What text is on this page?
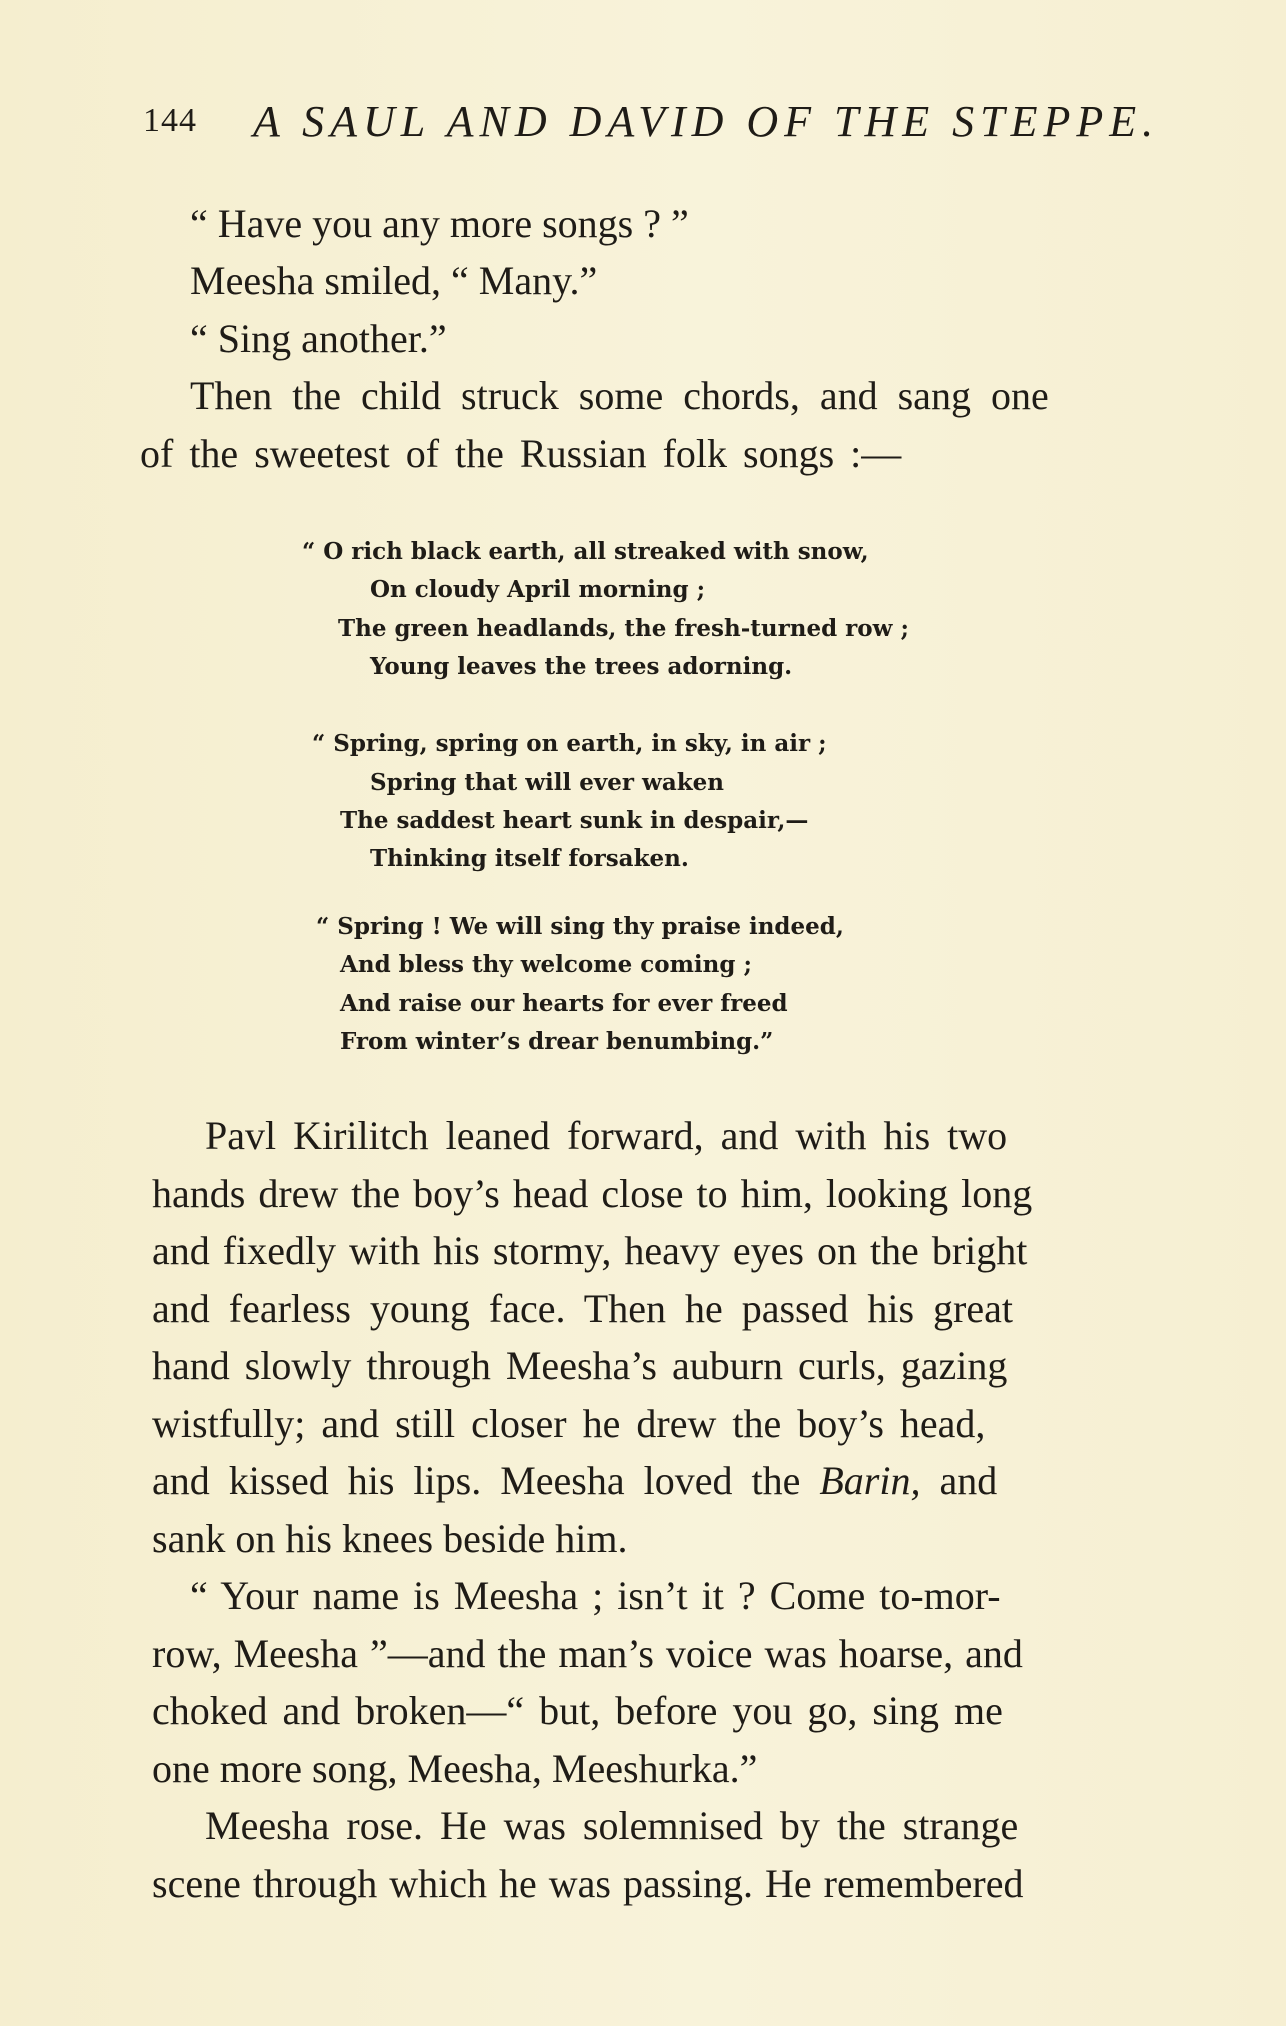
144 A SAUL AND DAVID OF THE STEPPE.
“ Have you any more songs ? ”
Meesha smiled, “ Many.”
“ Sing another.”
Then the child struck some chords, and sang one
of the sweetest of the Russian folk songs :—
“ O rich black earth, all streaked with snow,
On cloudy April morning ;
The green headlands, the fresh-turned row ;
Young leaves the trees adorning.
“ Spring, spring on earth, in sky, in air ;
Spring that will ever waken
The saddest heart sunk in despair,—
Thinking itself forsaken.
“ Spring ! We will sing thy praise indeed,
And bless thy welcome coming ;
And raise our hearts for ever freed
From winter’s drear benumbing.”
Pavl Kirilitch leaned forward, and with his two
hands drew the boy’s head close to him, looking long
and fixedly with his stormy, heavy eyes on the bright
and fearless young face. Then he passed his great
hand slowly through Meesha’s auburn curls, gazing
wistfully; and still closer he drew the boy’s head,
and kissed his lips. Meesha loved the Barin, and
sank on his knees beside him.
“ Your name is Meesha ; isn’t it ? Come to-mor-
row, Meesha ”—and the man’s voice was hoarse, and
choked and broken—“ but, before you go, sing me
one more song, Meesha, Meeshurka.”
Meesha rose. He was solemnised by the strange
scene through which he was passing. He remembered
